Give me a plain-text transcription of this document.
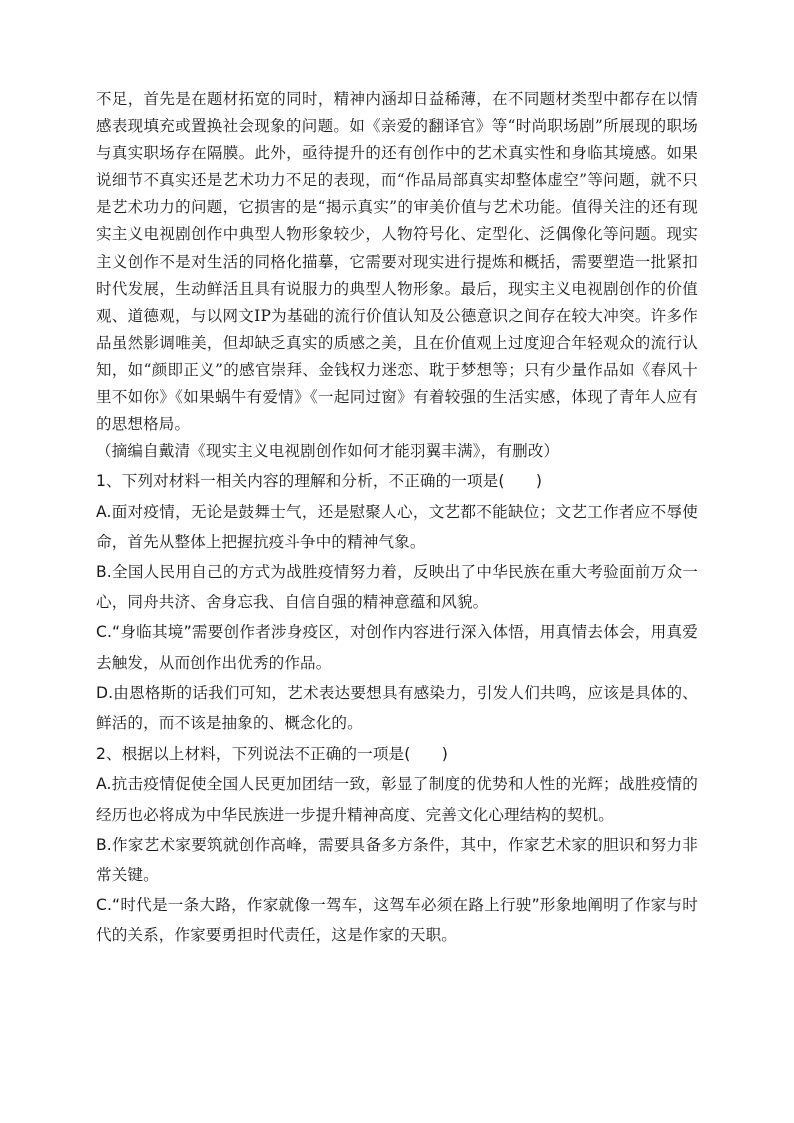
不足，首先是在题材拓宽的同时，精神内涵却日益稀薄，在不同题材类型中都存在以情感表现填充或置换社会现象的问题。如《亲爱的翻译官》等“时尚职场剧”所展现的职场与真实职场存在隔膜。此外，亟待提升的还有创作中的艺术真实性和身临其境感。如果说细节不真实还是艺术功力不足的表现，而“作品局部真实却整体虚空”等问题，就不只是艺术功力的问题，它损害的是“揭示真实”的审美价值与艺术功能。值得关注的还有现实主义电视剧创作中典型人物形象较少，人物符号化、定型化、泛偶像化等问题。现实主义创作不是对生活的同格化描摹，它需要对现实进行提炼和概括，需要塑造一批紧扣时代发展，生动鲜活且具有说服力的典型人物形象。最后，现实主义电视剧创作的价值观、道德观，与以网文IP为基础的流行价值认知及公德意识之间存在较大冲突。许多作品虽然影调唯美，但却缺乏真实的质感之美，且在价值观上过度迎合年轻观众的流行认知，如“颜即正义”的感官崇拜、金钱权力迷恋、耽于梦想等；只有少量作品如《春风十里不如你》《如果蜗牛有爱情》《一起同过窗》有着较强的生活实感，体现了青年人应有的思想格局。

（摘编自戴清《现实主义电视剧创作如何才能羽翼丰满》，有删改）

1、下列对材料一相关内容的理解和分析，不正确的一项是(　　)

A.面对疫情，无论是鼓舞士气，还是慰聚人心，文艺都不能缺位；文艺工作者应不辱使命，首先从整体上把握抗疫斗争中的精神气象。

B.全国人民用自己的方式为战胜疫情努力着，反映出了中华民族在重大考验面前万众一心，同舟共济、舍身忘我、自信自强的精神意蕴和风貌。

C.“身临其境”需要创作者涉身疫区，对创作内容进行深入体悟，用真情去体会，用真爱去触发，从而创作出优秀的作品。

D.由恩格斯的话我们可知，艺术表达要想具有感染力，引发人们共鸣，应该是具体的、鲜活的，而不该是抽象的、概念化的。

2、根据以上材料，下列说法不正确的一项是(　　)

A.抗击疫情促使全国人民更加团结一致，彰显了制度的优势和人性的光辉；战胜疫情的经历也必将成为中华民族进一步提升精神高度、完善文化心理结构的契机。

B.作家艺术家要筑就创作高峰，需要具备多方条件，其中，作家艺术家的胆识和努力非常关键。

C.“时代是一条大路，作家就像一驾车，这驾车必须在路上行驶”形象地阐明了作家与时代的关系，作家要勇担时代责任，这是作家的天职。
